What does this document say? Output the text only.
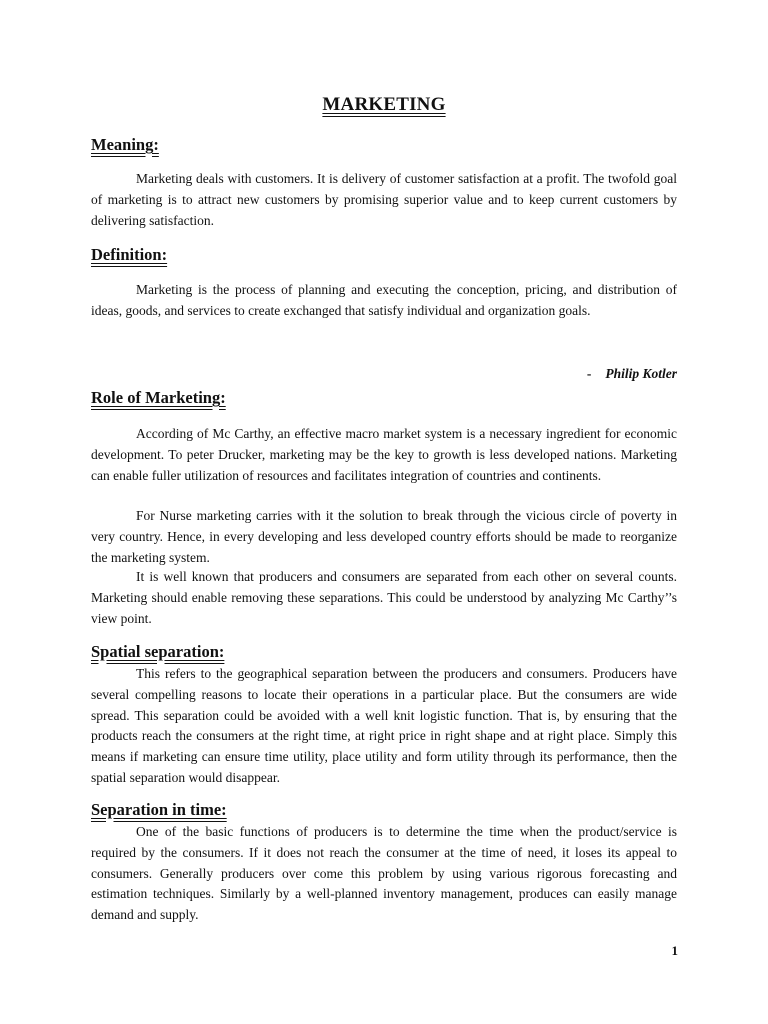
MARKETING
Meaning:

Marketing deals with customers. It is delivery of customer satisfaction at a profit. The twofold goal of marketing is to attract new customers by promising superior value and to keep current customers by delivering satisfaction.

Definition:

Marketing is the process of planning and executing the conception, pricing, and distribution of ideas, goods, and services to create exchanged that satisfy individual and organization goals.

- Philip Kotler
Role of Marketing:

According of Mc Carthy, an effective macro market system is a necessary ingredient for economic development. To peter Drucker, marketing may be the key to growth is less developed nations. Marketing can enable fuller utilization of resources and facilitates integration of countries and continents.

For Nurse marketing carries with it the solution to break through the vicious circle of poverty in very country. Hence, in every developing and less developed country efforts should be made to reorganize the marketing system.

It is well known that producers and consumers are separated from each other on several counts. Marketing should enable removing these separations. This could be understood by analyzing Mc Carthy’’s view point.

Spatial separation:

This refers to the geographical separation between the producers and consumers. Producers have several compelling reasons to locate their operations in a particular place. But the consumers are wide spread. This separation could be avoided with a well knit logistic function. That is, by ensuring that the products reach the consumers at the right time, at right price in right shape and at right place. Simply this means if marketing can ensure time utility, place utility and form utility through its performance, then the spatial separation would disappear.

Separation in time:

One of the basic functions of producers is to determine the time when the product/service is required by the consumers. If it does not reach the consumer at the time of need, it loses its appeal to consumers. Generally producers over come this problem by using various rigorous forecasting and estimation techniques. Similarly by a well-planned inventory management, produces can easily manage demand and supply.

1
